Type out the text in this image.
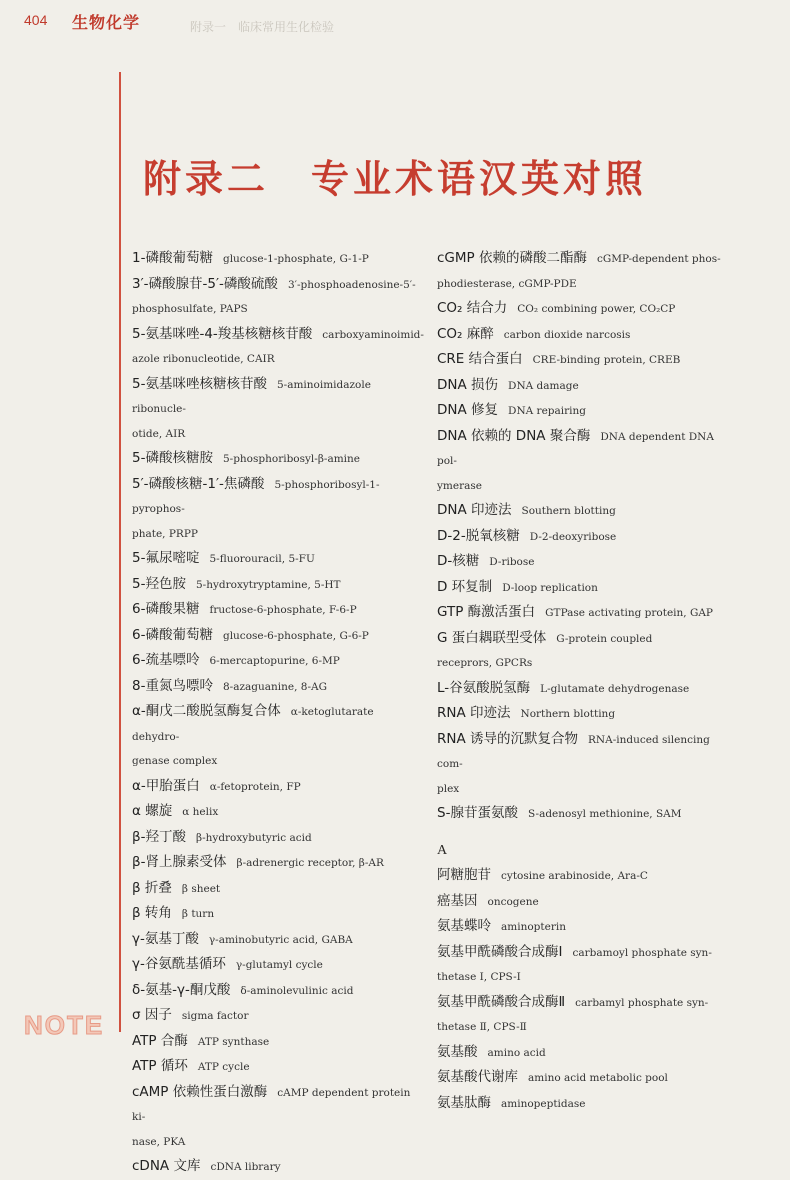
404 生物化学	附录一　临床常用生化检验
附录二　专业术语汉英对照

1-磷酸葡萄糖 glucose-1-phosphate, G-1-P

3′-磷酸腺苷-5′-磷酸硫酸 3′-phosphoadenosine-5′-
phosphosulfate, PAPS

5-氨基咪唑-4-羧基核糖核苷酸 carboxyaminoimid-
azole ribonucleotide, CAIR

5-氨基咪唑核糖核苷酸 5-aminoimidazole ribonucle-
otide, AIR

5-磷酸核糖胺 5-phosphoribosyl-β-amine

5′-磷酸核糖-1′-焦磷酸 5-phosphoribosyl-1-pyrophos-
phate, PRPP

5-氟尿嘧啶 5-fluorouracil, 5-FU

5-羟色胺 5-hydroxytryptamine, 5-HT

6-磷酸果糖 fructose-6-phosphate, F-6-P

6-磷酸葡萄糖 glucose-6-phosphate, G-6-P

6-巯基嘌呤 6-mercaptopurine, 6-MP

8-重氮鸟嘌呤 8-azaguanine, 8-AG

α-酮戊二酸脱氢酶复合体 α-ketoglutarate dehydro-
genase complex

α-甲胎蛋白 α-fetoprotein, FP

α 螺旋 α helix

β-羟丁酸 β-hydroxybutyric acid

β-肾上腺素受体 β-adrenergic receptor, β-AR

β 折叠 β sheet

β 转角 β turn

γ-氨基丁酸 γ-aminobutyric acid, GABA

γ-谷氨酰基循环 γ-glutamyl cycle

δ-氨基-γ-酮戊酸 δ-aminolevulinic acid

σ 因子 sigma factor

ATP 合酶 ATP synthase

ATP 循环 ATP cycle

cAMP 依赖性蛋白激酶 cAMP dependent protein ki-
nase, PKA

cDNA 文库 cDNA library

cGMP 依赖的磷酸二酯酶 cGMP-dependent phos-
phodiesterase, cGMP-PDE

CO₂ 结合力 CO₂ combining power, CO₂CP

CO₂ 麻醉 carbon dioxide narcosis

CRE 结合蛋白 CRE-binding protein, CREB

DNA 损伤 DNA damage

DNA 修复 DNA repairing

DNA 依赖的 DNA 聚合酶 DNA dependent DNA pol-
ymerase

DNA 印迹法 Southern blotting

D-2-脱氧核糖 D-2-deoxyribose

D-核糖 D-ribose

D 环复制 D-loop replication

GTP 酶激活蛋白 GTPase activating protein, GAP

G 蛋白耦联型受体 G-protein coupled
receprors, GPCRs

L-谷氨酸脱氢酶 L-glutamate dehydrogenase

RNA 印迹法 Northern blotting

RNA 诱导的沉默复合物 RNA-induced silencing com-
plex

S-腺苷蛋氨酸 S-adenosyl methionine, SAM

A

阿糖胞苷 cytosine arabinoside, Ara-C

癌基因 oncogene

氨基蝶呤 aminopterin

氨基甲酰磷酸合成酶Ⅰ carbamoyl phosphate syn-
thetase Ⅰ, CPS-Ⅰ

氨基甲酰磷酸合成酶Ⅱ carbamyl phosphate syn-
thetase Ⅱ, CPS-Ⅱ

氨基酸 amino acid

氨基酸代谢库 amino acid metabolic pool

氨基肽酶 aminopeptidase

NOTE
